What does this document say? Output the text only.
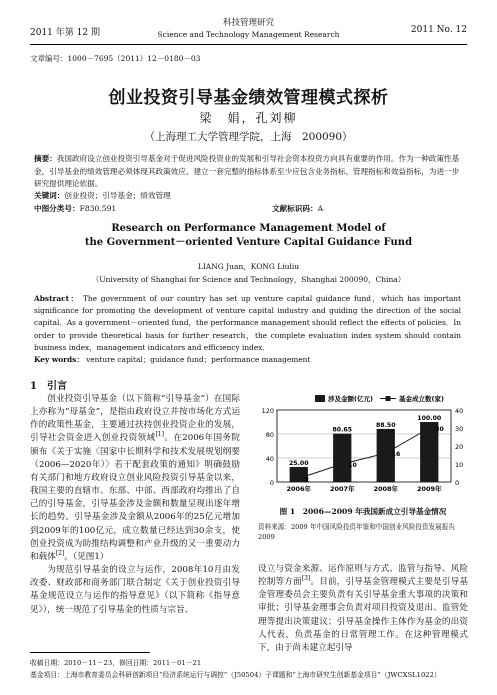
2011 年第 12 期
科技管理研究
Science and Technology Management Research	2011 No. 12
文章编号：1000－7695（2011）12－0180－03
创业投资引导基金绩效管理模式探析
梁　娟，孔刘柳
（上海理工大学管理学院，上海　200090）
摘要：我国政府设立创业投资引导基金对于促进风险投资业的发展和引导社会资本投资方向具有重要的作用。作为一种政策性基金，引导基金的绩效管理必须体现其政策效应。建立一套完整的指标体系至少应包含业务指标、管理指标和效益指标，为进一步研究提供理论依据。
关键词：创业投资；引导基金；绩效管理
中图分类号：F830.591	文献标识码：A
Research on Performance Management Model of
the Government－oriented Venture Capital Guidance Fund
LIANG Juan，KONG Liuliu
（University of Shanghai for Science and Technology，Shanghai 200090，China）
Abstract： The government of our country has set up venture capital guidance fund，which has important significance for promoting the development of venture capital industry and guiding the direction of the social capital．As a government－oriented fund，the performance management should reflect the effects of policies．In order to provide theoretical basis for further research，the complete evaluation index system should contain business index，management indicators and efficiency index．
Key words： venture capital；guidance fund；performance management
1　引言

创业投资引导基金（以下简称“引导基金”）在国际上亦称为“母基金”，是指由政府设立并按市场化方式运作的政策性基金，主要通过扶持创业投资企业的发展，引导社会资金进入创业投资领域[1]。在2006年国务院颁布《关于实施〈国家中长期科学和技术发展规划纲要（2006—2020年）〉若干配套政策的通知》明确鼓励有关部门和地方政府设立创业风险投资引导基金以来，我国主要的直辖市、东部、中部、西部政府均推出了自己的引导基金，引导基金涉及金额和数量呈现出逐年增长的趋势。引导基金涉及金额从2006年的25亿元增加到2009年的100亿元，成立数量已经达到30余支，使创业投资成为助推结构调整和产业升级的又一重要动力和载体[2]。（见图1）

为规范引导基金的设立与运作，2008年10月由发改委、财政部和商务部门联合制定《关于创业投资引导基金规范设立与运作的指导意见》（以下简称《指导意见》），统一规范了引导基金的性质与宗旨、

0
40
80
120
0
10
20
30
40
涉及金额(亿元)	基金成立数(家)
25.00
2006年
80.65
2007年
88.50
2008年
100.00
2009年
2
10
16
30
图 1　2006—2009 年我国新成立引导基金情况
资料来源：2009 年中国风险投资年鉴和中国创业风险投资发展报告 2009

设立与资金来源、运作原则与方式、监管与指导、风险控制等方面[3]。目前，引导基金管理模式主要是引导基金管理委员会主要负责有关引导基金重大事项的决策和审批；引导基金理事会负责对项目投资及退出、监管处理等提出决策建议；引导基金操作主体作为基金的出资人代表，负责基金的日常管理工作。在这种管理模式下，由于尚未建立起引导

收稿日期：2010－11－23，修回日期：2011－01－21
基金项目：上海市教育委员会科研创新项目“经济系统运行与调控”（J50504）子课题和“上海市研究生创新基金项目”（JWCXSL1022）
